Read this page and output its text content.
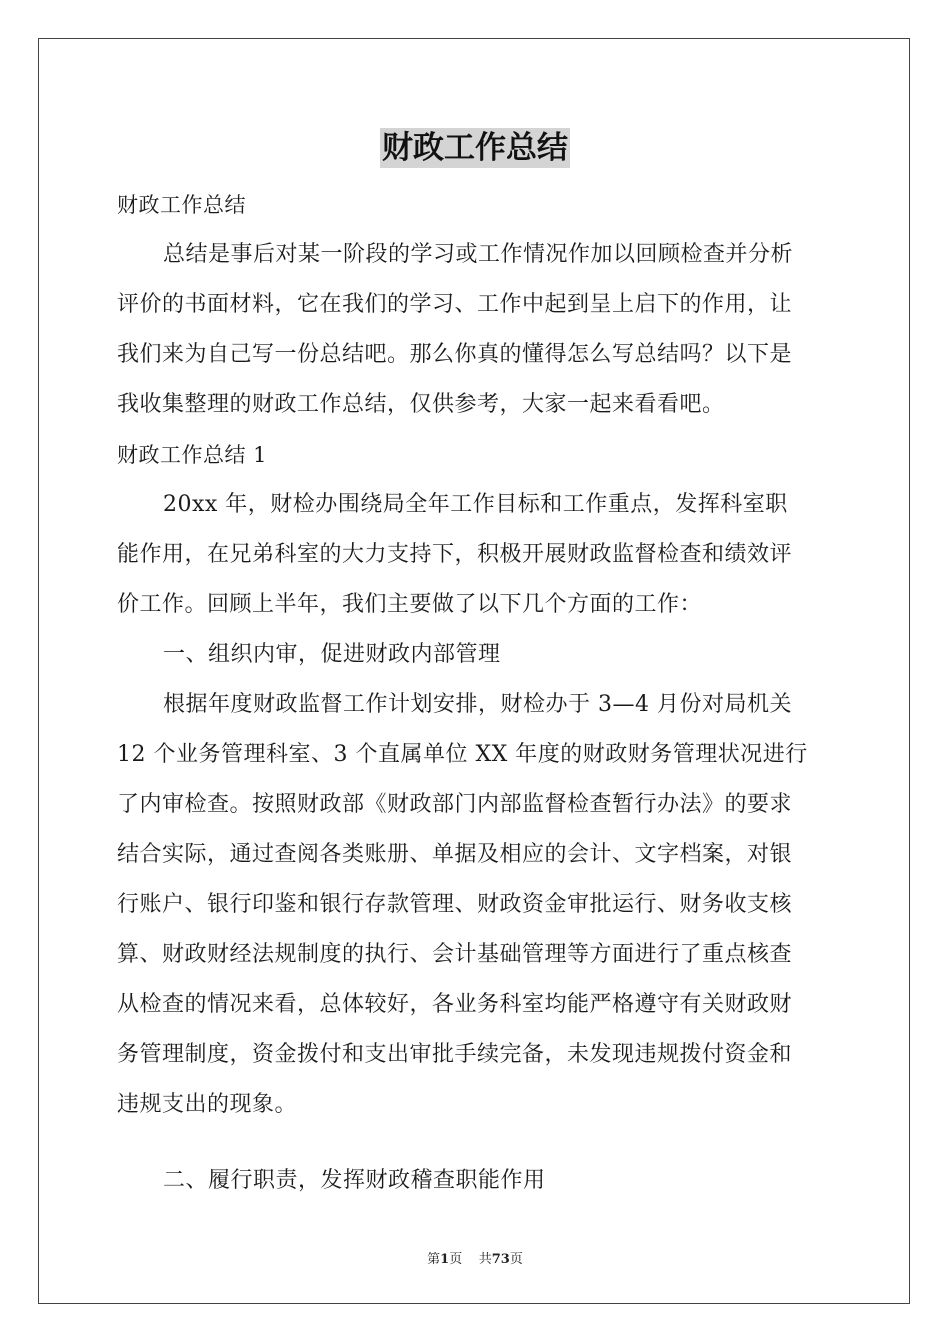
财政工作总结
财政工作总结
总结是事后对某一阶段的学习或工作情况作加以回顾检查并分析
评价的书面材料，它在我们的学习、工作中起到呈上启下的作用，让
我们来为自己写一份总结吧。那么你真的懂得怎么写总结吗？以下是
我收集整理的财政工作总结，仅供参考，大家一起来看看吧。
财政工作总结 1
20xx 年，财检办围绕局全年工作目标和工作重点，发挥科室职
能作用，在兄弟科室的大力支持下，积极开展财政监督检查和绩效评
价工作。回顾上半年，我们主要做了以下几个方面的工作：
一、组织内审，促进财政内部管理
根据年度财政监督工作计划安排，财检办于 3—4 月份对局机关
12 个业务管理科室、3 个直属单位 XX 年度的财政财务管理状况进行
了内审检查。按照财政部《财政部门内部监督检查暂行办法》的要求
结合实际，通过查阅各类账册、单据及相应的会计、文字档案，对银
行账户、银行印鉴和银行存款管理、财政资金审批运行、财务收支核
算、财政财经法规制度的执行、会计基础管理等方面进行了重点核查
从检查的情况来看，总体较好，各业务科室均能严格遵守有关财政财
务管理制度，资金拨付和支出审批手续完备，未发现违规拨付资金和
违规支出的现象。
二、履行职责，发挥财政稽查职能作用
第1页    共73页
